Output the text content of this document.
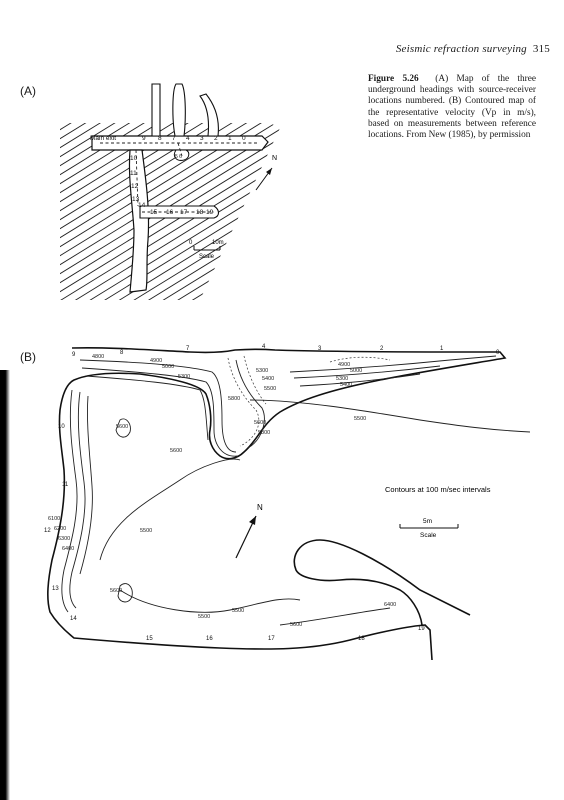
Seismic refraction surveying 315
Figure 5.26 (A) Map of the three underground headings with source-receiver locations numbered. (B) Contoured map of the representative velocity (Vp in m/s), based on measurements between reference locations. From New (1985), by permission
(A)
(B)
Main exit	9 8 7 4 3 2 1 0
10
11
12
13
14
15 16 17 18 19
5 6	N
0	10m
Scale
4800
4900
5000
5300
4900
5000
5300
5400
5500
5600
5500
5600
5600
5800
6100
6200
6300
6400
5600
5500
6400
5500
5300
5400
5500
5800
5600
9	8
7	4	3	2	1
0
10
11
12
13
14
15	16	17	18
19
Contours at 100 m/sec intervals
N
5m
Scale
